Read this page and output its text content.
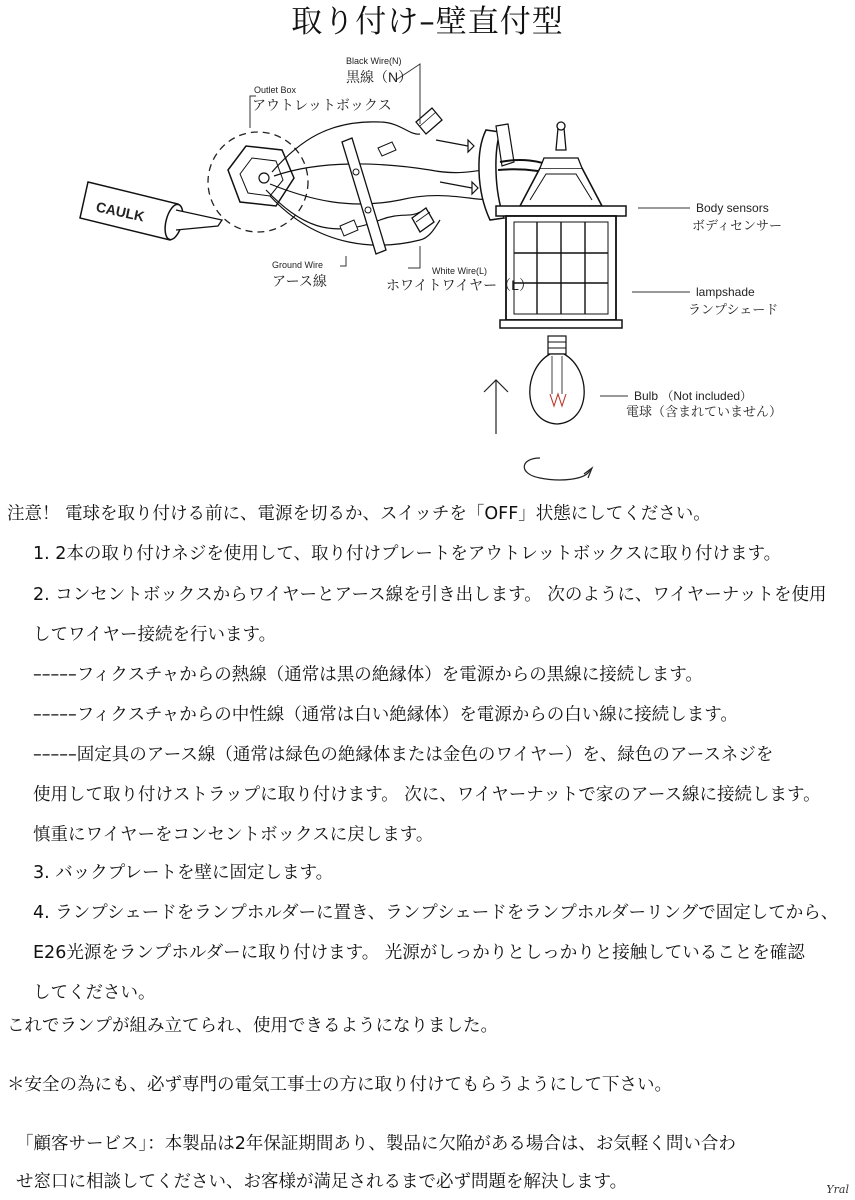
取り付け–壁直付型
CAULK
Outlet Box
アウトレットボックス
Black Wire(N)
黒線（N）
Ground Wire
アース線
White Wire(L)
ホワイトワイヤー（L）
Body sensors
ボディセンサー
lampshade
ランプシェード
Bulb （Not included）
電球（含まれていません）
注意！ 電球を取り付ける前に、電源を切るか、スイッチを「OFF」状態にしてください。
1. 2本の取り付けネジを使用して、取り付けプレートをアウトレットボックスに取り付けます。
2. コンセントボックスからワイヤーとアース線を引き出します。 次のように、ワイヤーナットを使用
してワイヤー接続を行います。
–––––フィクスチャからの熱線（通常は黒の絶縁体）を電源からの黒線に接続します。
–––––フィクスチャからの中性線（通常は白い絶縁体）を電源からの白い線に接続します。
–––––固定具のアース線（通常は緑色の絶縁体または金色のワイヤー）を、緑色のアースネジを
使用して取り付けストラップに取り付けます。 次に、ワイヤーナットで家のアース線に接続します。
慎重にワイヤーをコンセントボックスに戻します。
3. バックプレートを壁に固定します。
4. ランプシェードをランプホルダーに置き、ランプシェードをランプホルダーリングで固定してから、
E26光源をランプホルダーに取り付けます。 光源がしっかりとしっかりと接触していることを確認
してください。
これでランプが組み立てられ、使用できるようになりました。
＊安全の為にも、必ず専門の電気工事士の方に取り付けてもらうようにして下さい。
「顧客サービス」：本製品は2年保証期間あり、製品に欠陥がある場合は、お気軽く問い合わ
せ窓口に相談してください、お客様が満足されるまで必ず問題を解決します。	Yral
